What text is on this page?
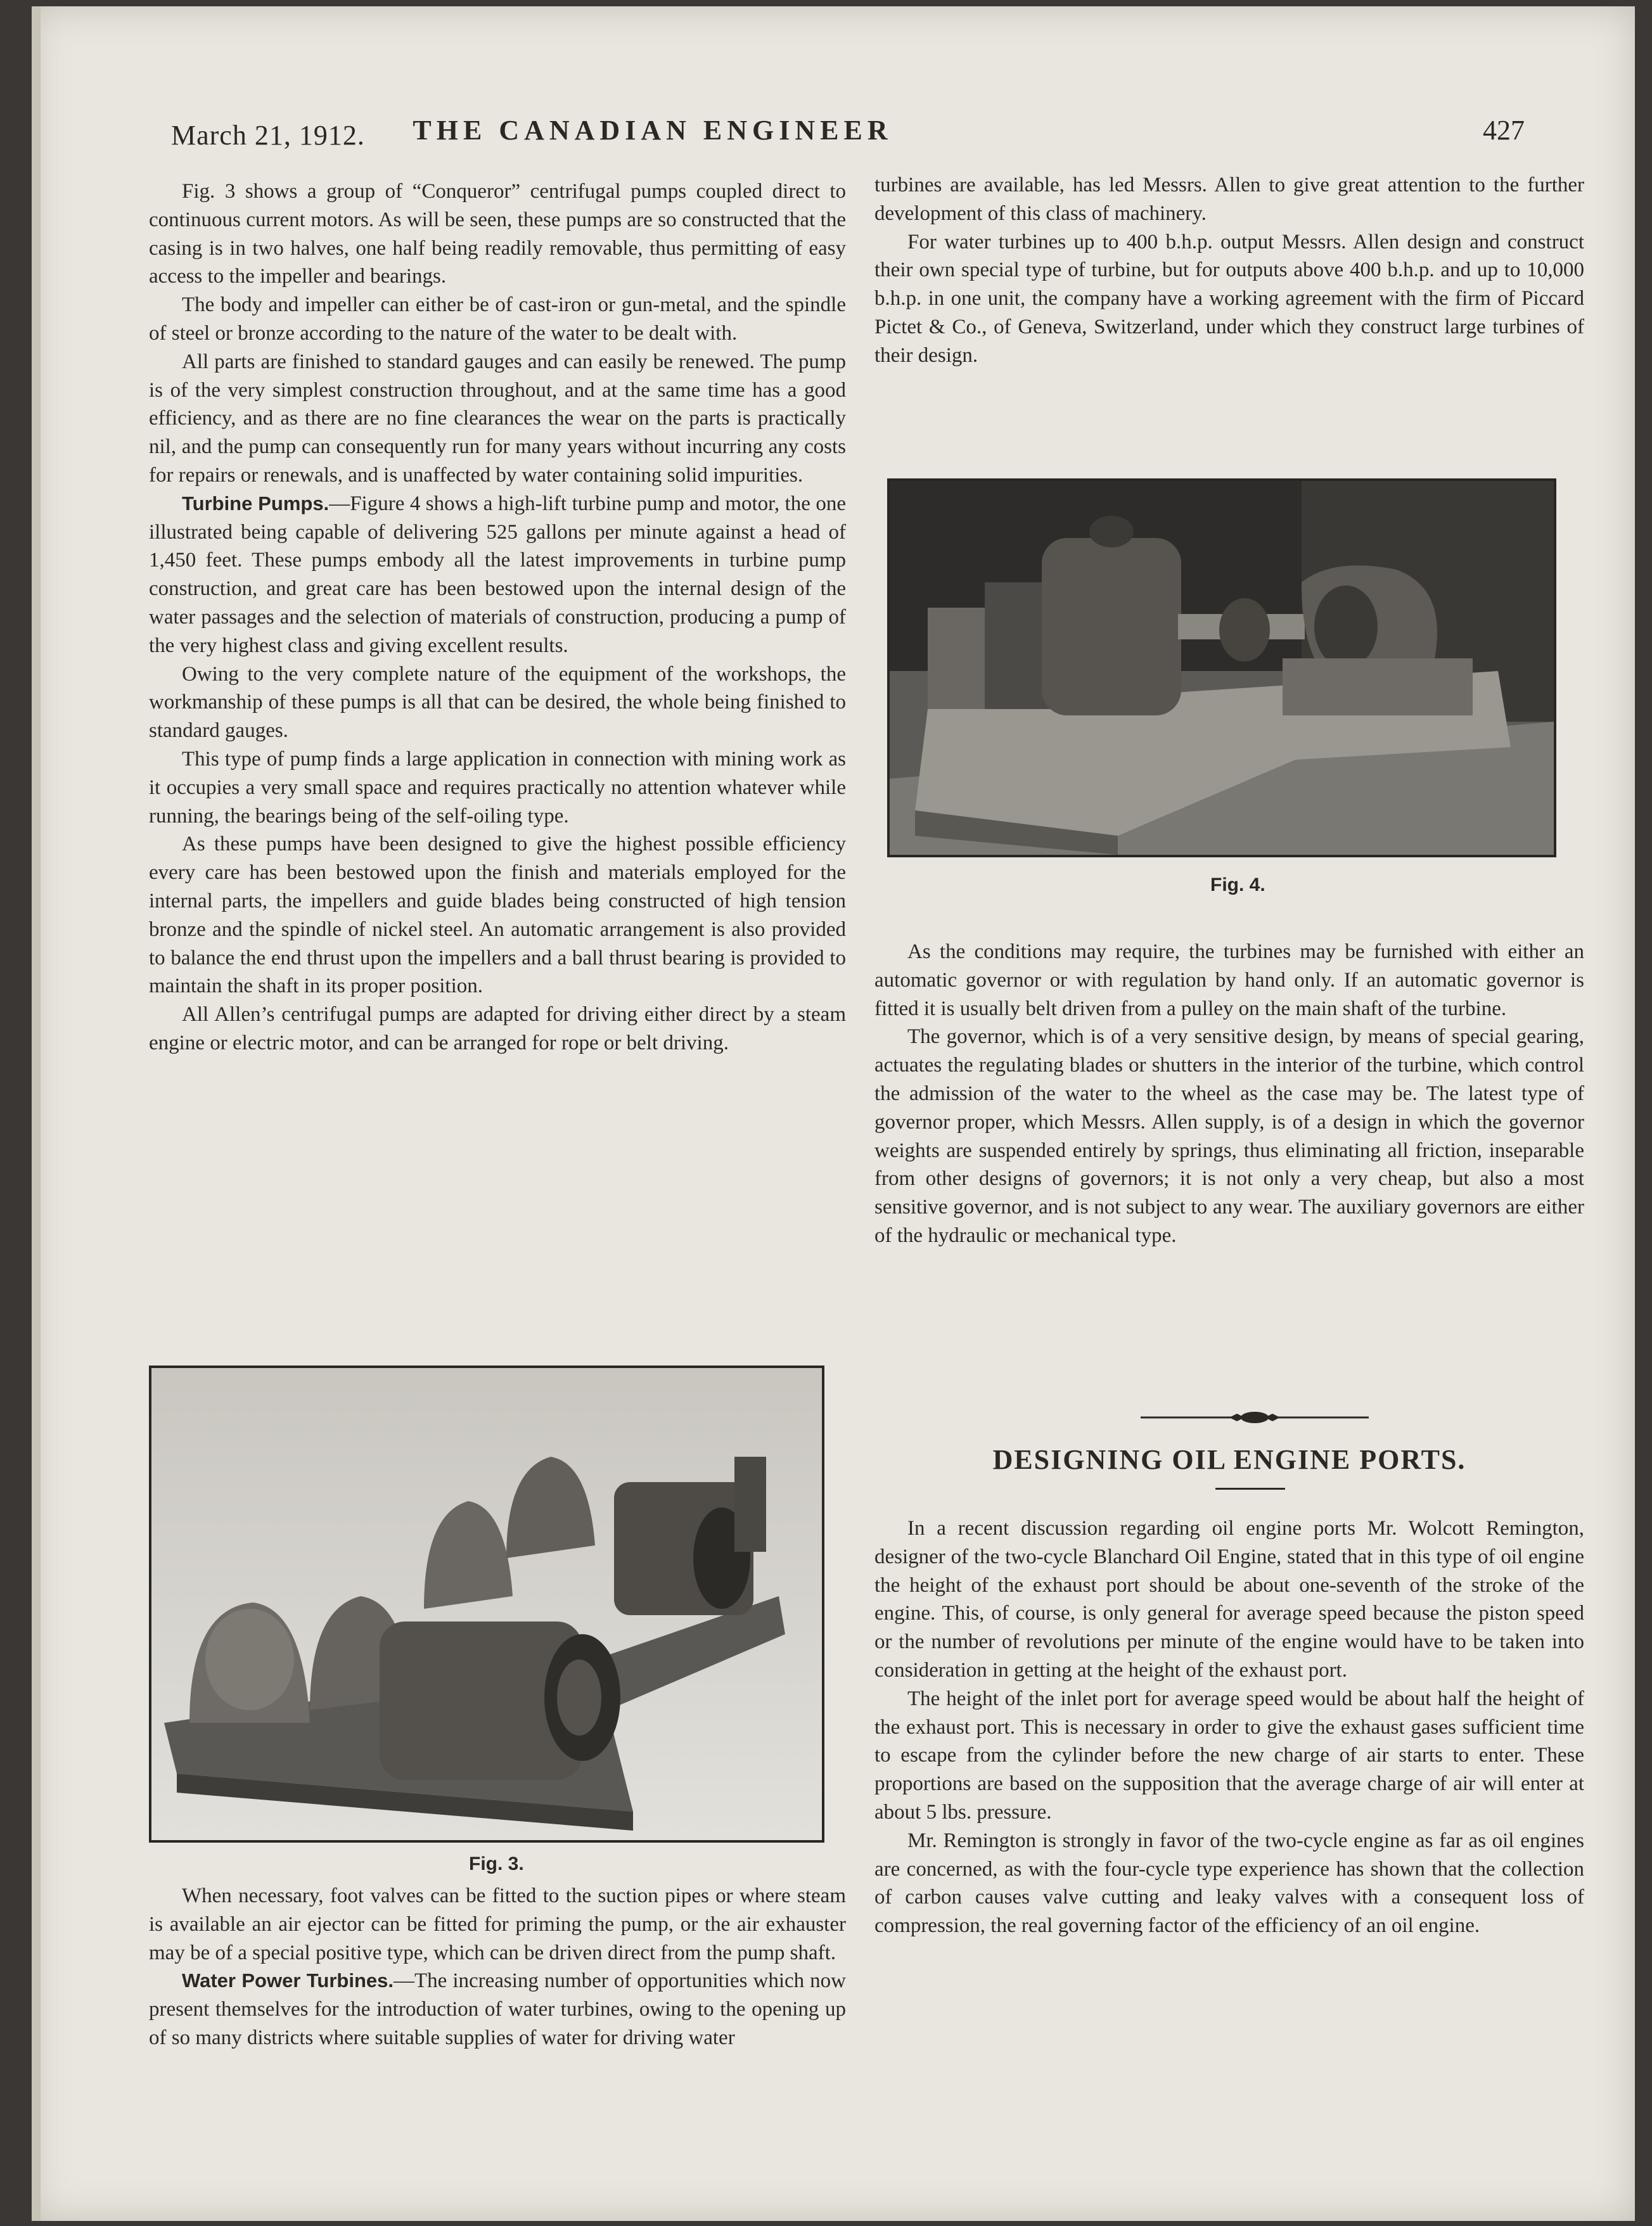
March 21, 1912.	THE CANADIAN ENGINEER	427

Fig. 3 shows a group of “Conqueror” centrifugal pumps coupled direct to continuous current motors. As will be seen, these pumps are so constructed that the casing is in two halves, one half being readily removable, thus permitting of easy access to the impeller and bearings.

The body and impeller can either be of cast-iron or gun-metal, and the spindle of steel or bronze according to the nature of the water to be dealt with.

All parts are finished to standard gauges and can easily be renewed. The pump is of the very simplest construction throughout, and at the same time has a good efficiency, and as there are no fine clearances the wear on the parts is practically nil, and the pump can consequently run for many years without incurring any costs for repairs or renewals, and is unaffected by water containing solid impurities.

Turbine Pumps.—Figure 4 shows a high-lift turbine pump and motor, the one illustrated being capable of delivering 525 gallons per minute against a head of 1,450 feet. These pumps embody all the latest improvements in turbine pump construction, and great care has been bestowed upon the internal design of the water passages and the selection of materials of construction, producing a pump of the very highest class and giving excellent results.

Owing to the very complete nature of the equipment of the workshops, the workmanship of these pumps is all that can be desired, the whole being finished to standard gauges.

This type of pump finds a large application in connection with mining work as it occupies a very small space and requires practically no attention whatever while running, the bearings being of the self-oiling type.

As these pumps have been designed to give the highest possible efficiency every care has been bestowed upon the finish and materials employed for the internal parts, the impellers and guide blades being constructed of high tension bronze and the spindle of nickel steel. An automatic arrangement is also provided to balance the end thrust upon the impellers and a ball thrust bearing is provided to maintain the shaft in its proper position.

All Allen’s centrifugal pumps are adapted for driving either direct by a steam engine or electric motor, and can be arranged for rope or belt driving.

Fig. 3.

When necessary, foot valves can be fitted to the suction pipes or where steam is available an air ejector can be fitted for priming the pump, or the air exhauster may be of a special positive type, which can be driven direct from the pump shaft.

Water Power Turbines.—The increasing number of opportunities which now present themselves for the introduction of water turbines, owing to the opening up of so many districts where suitable supplies of water for driving water

turbines are available, has led Messrs. Allen to give great attention to the further development of this class of machinery.

For water turbines up to 400 b.h.p. output Messrs. Allen design and construct their own special type of turbine, but for outputs above 400 b.h.p. and up to 10,000 b.h.p. in one unit, the company have a working agreement with the firm of Piccard Pictet & Co., of Geneva, Switzerland, under which they construct large turbines of their design.

Fig. 4.

As the conditions may require, the turbines may be furnished with either an automatic governor or with regulation by hand only. If an automatic governor is fitted it is usually belt driven from a pulley on the main shaft of the turbine.

The governor, which is of a very sensitive design, by means of special gearing, actuates the regulating blades or shutters in the interior of the turbine, which control the admission of the water to the wheel as the case may be. The latest type of governor proper, which Messrs. Allen supply, is of a design in which the governor weights are suspended entirely by springs, thus eliminating all friction, inseparable from other designs of governors; it is not only a very cheap, but also a most sensitive governor, and is not subject to any wear. The auxiliary governors are either of the hydraulic or mechanical type.

DESIGNING OIL ENGINE PORTS.

In a recent discussion regarding oil engine ports Mr. Wolcott Remington, designer of the two-cycle Blanchard Oil Engine, stated that in this type of oil engine the height of the exhaust port should be about one-seventh of the stroke of the engine. This, of course, is only general for average speed because the piston speed or the number of revolutions per minute of the engine would have to be taken into consideration in getting at the height of the exhaust port.

The height of the inlet port for average speed would be about half the height of the exhaust port. This is necessary in order to give the exhaust gases sufficient time to escape from the cylinder before the new charge of air starts to enter. These proportions are based on the supposition that the average charge of air will enter at about 5 lbs. pressure.

Mr. Remington is strongly in favor of the two-cycle engine as far as oil engines are concerned, as with the four-cycle type experience has shown that the collection of carbon causes valve cutting and leaky valves with a consequent loss of compression, the real governing factor of the efficiency of an oil engine.
